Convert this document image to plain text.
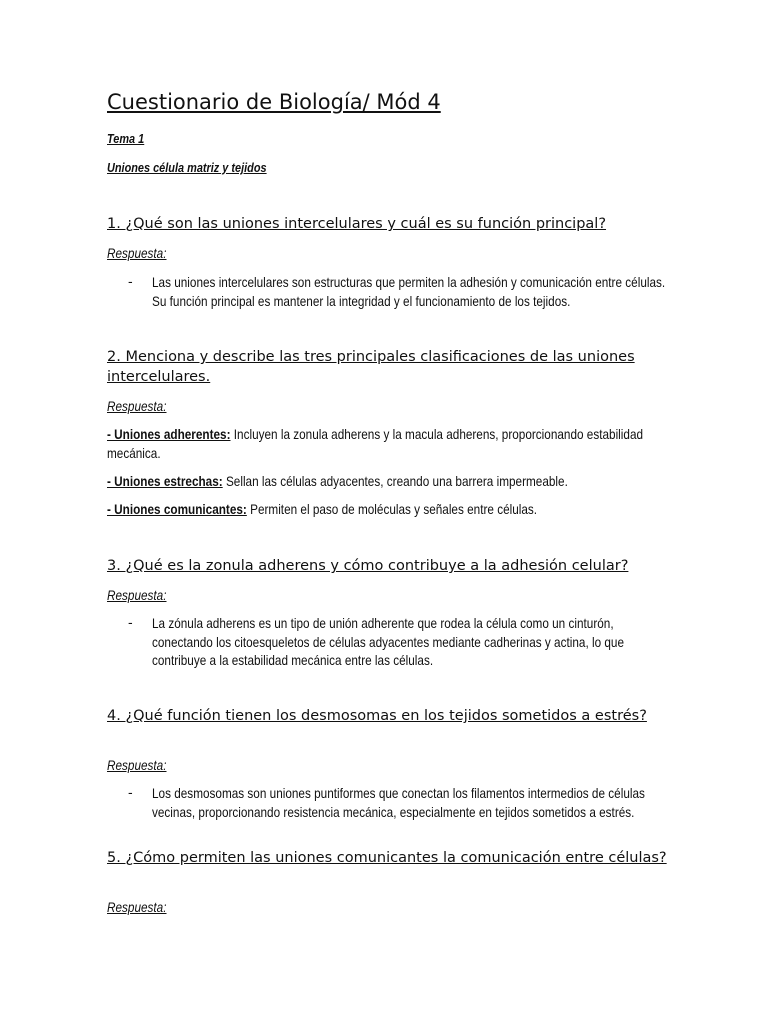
Cuestionario de Biología/ Mód 4
Tema 1
Uniones célula matriz y tejidos

1. ¿Qué son las uniones intercelulares y cuál es su función principal?

Respuesta:
- Las uniones intercelulares son estructuras que permiten la adhesión y comunicación entre células. Su función principal es mantener la integridad y el funcionamiento de los tejidos.

2. Menciona y describe las tres principales clasificaciones de las uniones intercelulares.

Respuesta:
- Uniones adherentes: Incluyen la zonula adherens y la macula adherens, proporcionando estabilidad mecánica.
- Uniones estrechas: Sellan las células adyacentes, creando una barrera impermeable.
- Uniones comunicantes: Permiten el paso de moléculas y señales entre células.

3. ¿Qué es la zonula adherens y cómo contribuye a la adhesión celular?

Respuesta:
- La zónula adherens es un tipo de unión adherente que rodea la célula como un cinturón, conectando los citoesqueletos de células adyacentes mediante cadherinas y actina, lo que contribuye a la estabilidad mecánica entre las células.

4. ¿Qué función tienen los desmosomas en los tejidos sometidos a estrés?

Respuesta:
- Los desmosomas son uniones puntiformes que conectan los filamentos intermedios de células vecinas, proporcionando resistencia mecánica, especialmente en tejidos sometidos a estrés.

5. ¿Cómo permiten las uniones comunicantes la comunicación entre células?

Respuesta:
